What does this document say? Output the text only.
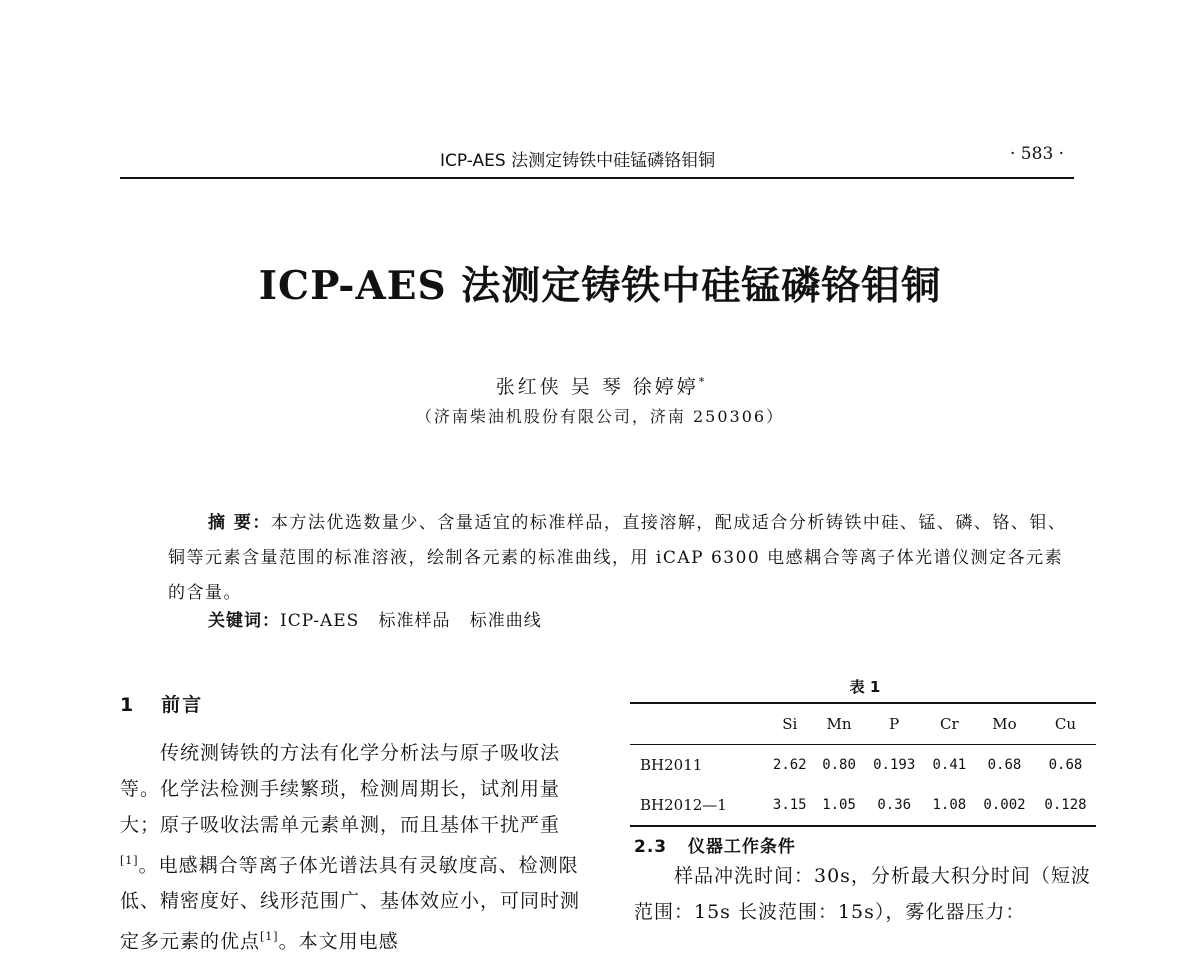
ICP-AES 法测定铸铁中硅锰磷铬钼铜	· 583 ·
ICP-AES 法测定铸铁中硅锰磷铬钼铜
张红侠 吴 琴 徐婷婷*
（济南柴油机股份有限公司，济南 250306）
摘 要：本方法优选数量少、含量适宜的标准样品，直接溶解，配成适合分析铸铁中硅、锰、磷、铬、钼、铜等元素含量范围的标准溶液，绘制各元素的标准曲线，用 iCAP 6300 电感耦合等离子体光谱仪测定各元素的含量。
关键词：ICP-AES   标准样品   标准曲线
1   前言
传统测铸铁的方法有化学分析法与原子吸收法等。化学法检测手续繁琐，检测周期长，试剂用量大；原子吸收法需单元素单测，而且基体干扰严重[1]。电感耦合等离子体光谱法具有灵敏度高、检测限低、精密度好、线形范围广、基体效应小，可同时测定多元素的优点[1]。本文用电感
表 1
	Si	Mn	P	Cr	Mo	Cu
BH2011	2.62	0.80	0.193	0.41	0.68	0.68
BH2012—1	3.15	1.05	0.36	1.08	0.002	0.128
2.3   仪器工作条件
样品冲洗时间：30s，分析最大积分时间（短波范围：15s 长波范围：15s），雾化器压力：
